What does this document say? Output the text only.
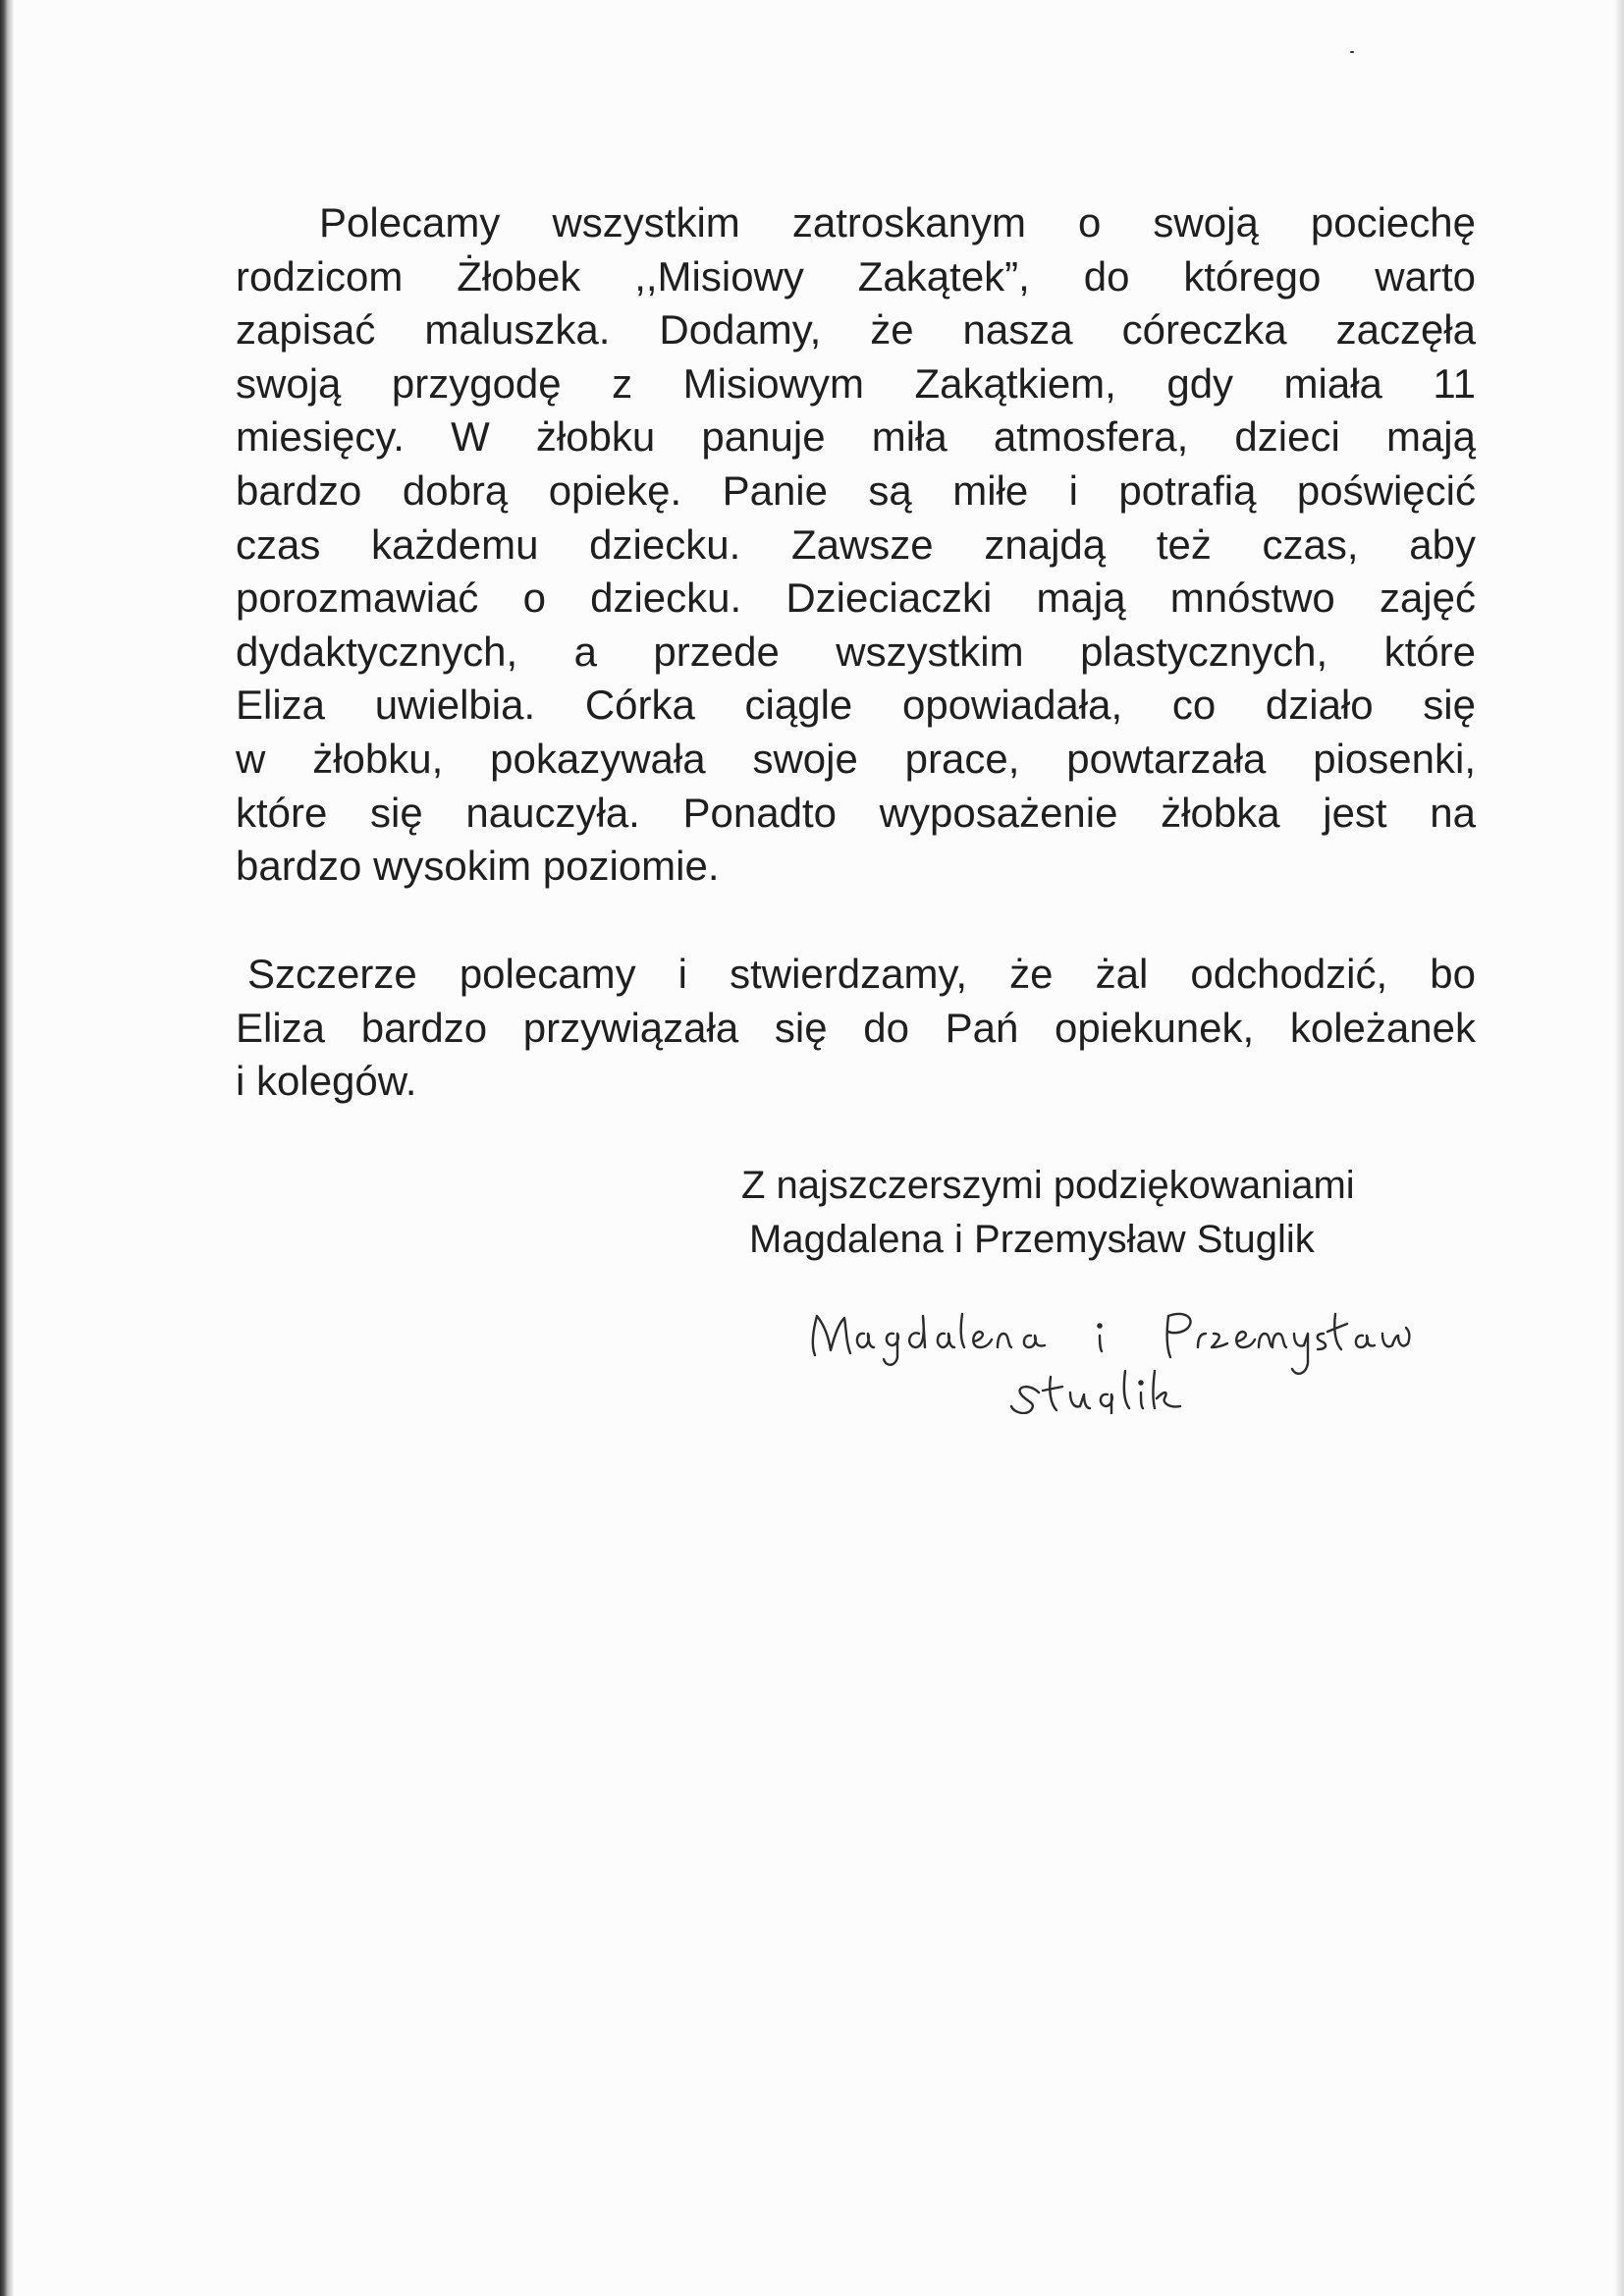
Polecamy wszystkim zatroskanym o swoją pociechę
rodzicom Żłobek ,,Misiowy Zakątek”, do którego warto
zapisać maluszka. Dodamy, że nasza córeczka zaczęła
swoją przygodę z Misiowym Zakątkiem, gdy miała 11
miesięcy. W żłobku panuje miła atmosfera, dzieci mają
bardzo dobrą opiekę. Panie są miłe i potrafią poświęcić
czas każdemu dziecku. Zawsze znajdą też czas, aby
porozmawiać o dziecku. Dzieciaczki mają mnóstwo zajęć
dydaktycznych, a przede wszystkim plastycznych, które
Eliza uwielbia. Córka ciągle opowiadała, co działo się
w żłobku, pokazywała swoje prace, powtarzała piosenki,
które się nauczyła. Ponadto wyposażenie żłobka jest na
bardzo wysokim poziomie.
Szczerze polecamy i stwierdzamy, że żal odchodzić, bo
Eliza bardzo przywiązała się do Pań opiekunek, koleżanek
i kolegów.
Z najszczerszymi podziękowaniami
Magdalena i Przemysław Stuglik
